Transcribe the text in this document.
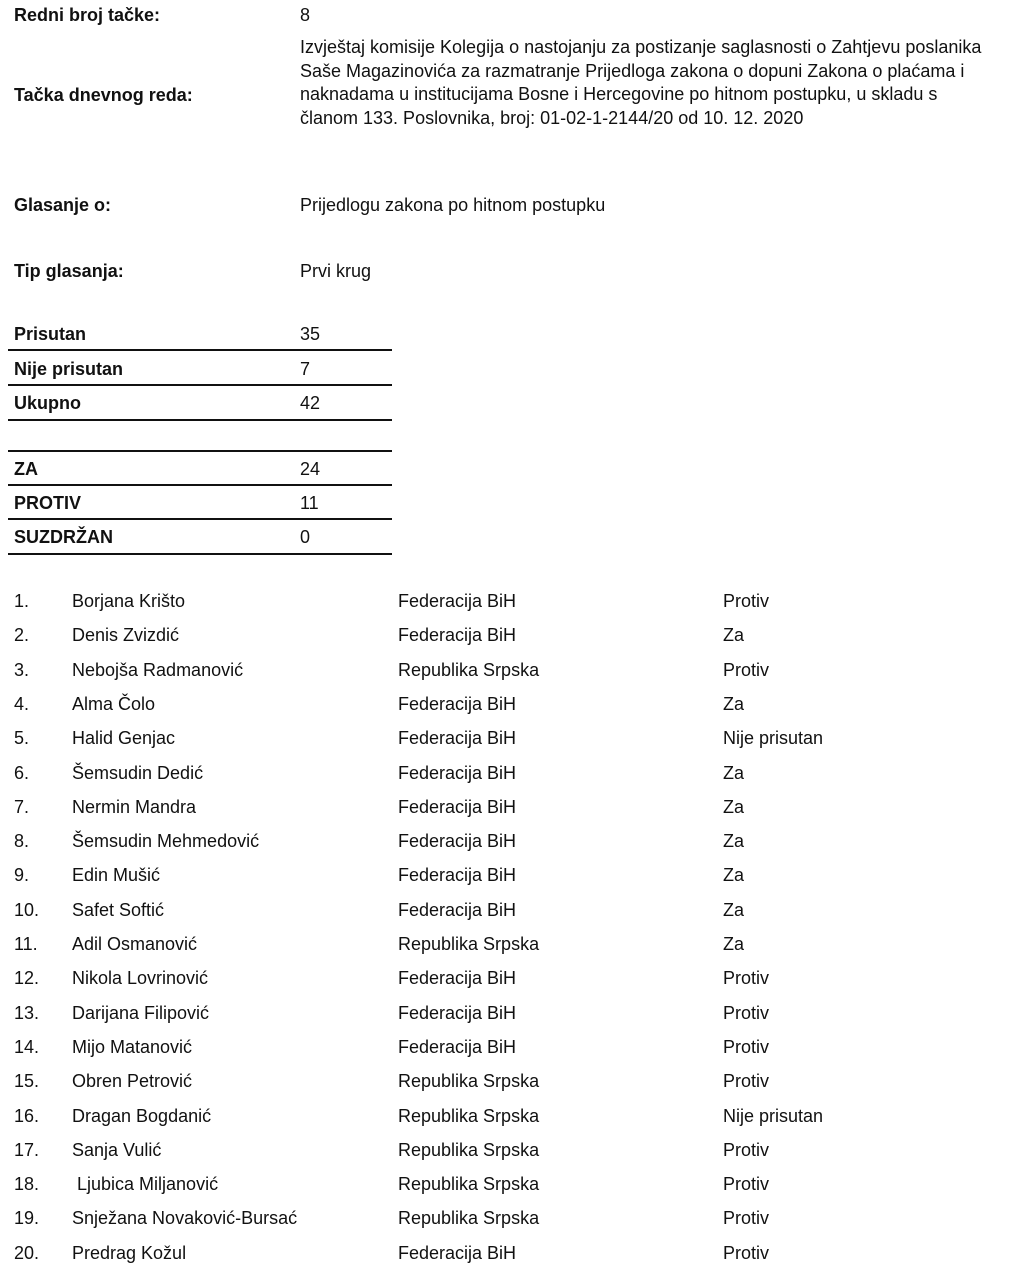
Redni broj tačke:	8
Tačka dnevnog reda:
Izvještaj komisije Kolegija o nastojanju za postizanje saglasnosti o Zahtjevu poslanika Saše Magazinovića za razmatranje Prijedloga zakona o dopuni Zakona o plaćama i naknadama u institucijama Bosne i Hercegovine po hitnom postupku, u skladu s članom 133. Poslovnika, broj: 01-02-1-2144/20 od 10. 12. 2020
Glasanje o:	Prijedlogu zakona po hitnom postupku
Tip glasanja:	Prvi krug
Prisutan	35
Nije prisutan	7
Ukupno	42
ZA	24
PROTIV	11
SUZDRŽAN	0
1. Borjana Krišto	Federacija BiH	Protiv
2. Denis Zvizdić	Federacija BiH	Za
3. Nebojša Radmanović	Republika Srpska	Protiv
4. Alma Čolo	Federacija BiH	Za
5. Halid Genjac	Federacija BiH	Nije prisutan
6. Šemsudin Dedić	Federacija BiH	Za
7. Nermin Mandra	Federacija BiH	Za
8. Šemsudin Mehmedović	Federacija BiH	Za
9. Edin Mušić	Federacija BiH	Za
10. Safet Softić	Federacija BiH	Za
11. Adil Osmanović	Republika Srpska	Za
12. Nikola Lovrinović	Federacija BiH	Protiv
13. Darijana Filipović	Federacija BiH	Protiv
14. Mijo Matanović	Federacija BiH	Protiv
15. Obren Petrović	Republika Srpska	Protiv
16. Dragan Bogdanić	Republika Srpska	Nije prisutan
17. Sanja Vulić	Republika Srpska	Protiv
18. Ljubica Miljanović	Republika Srpska	Protiv
19. Snježana Novaković-Bursać	Republika Srpska	Protiv
20. Predrag Kožul	Federacija BiH	Protiv
